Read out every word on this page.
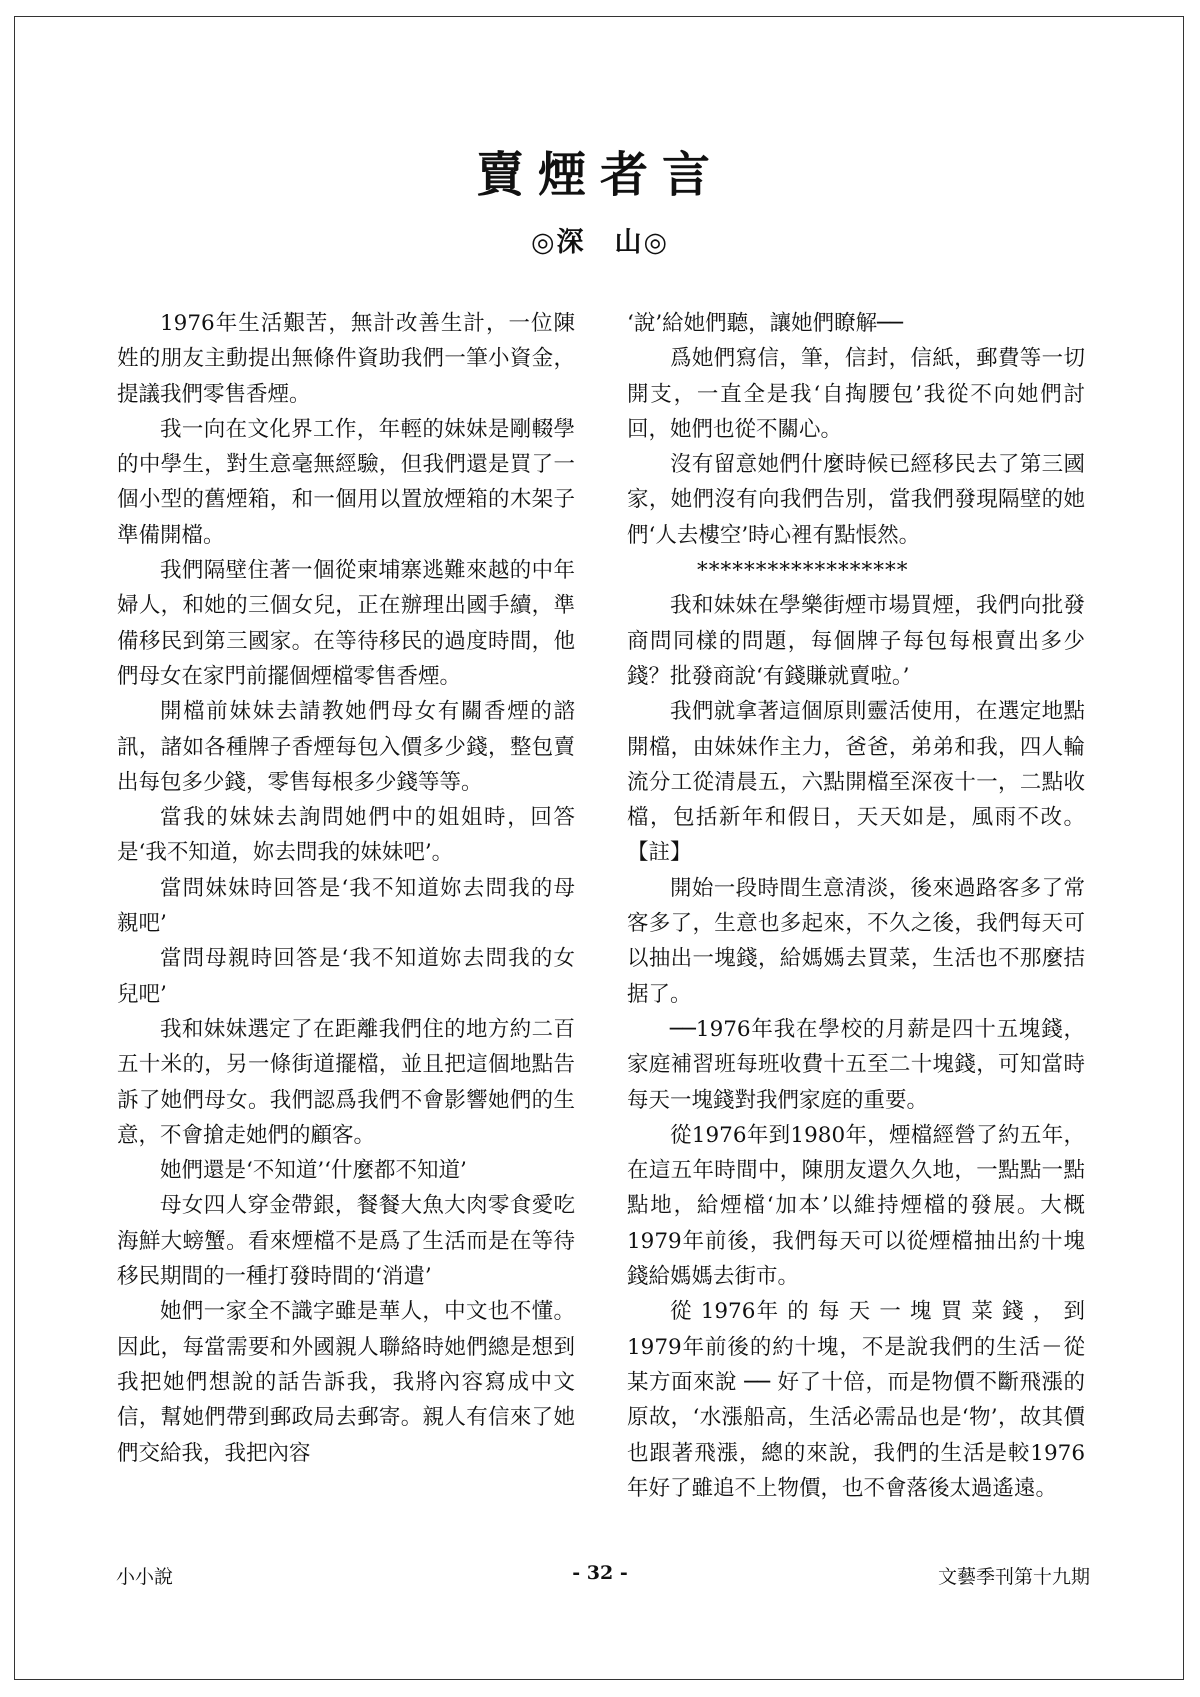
賣煙者言
◎深　山◎

1976年生活艱苦，無計改善生計，一位陳姓的朋友主動提出無條件資助我們一筆小資金，提議我們零售香煙。

我一向在文化界工作，年輕的妹妹是剛輟學的中學生，對生意毫無經驗，但我們還是買了一個小型的舊煙箱，和一個用以置放煙箱的木架子準備開檔。

我們隔壁住著一個從柬埔寨逃難來越的中年婦人，和她的三個女兒，正在辦理出國手續，準備移民到第三國家。在等待移民的過度時間，他們母女在家門前擺個煙檔零售香煙。

開檔前妹妹去請教她們母女有關香煙的諮訊，諸如各種牌子香煙每包入價多少錢，整包賣出每包多少錢，零售每根多少錢等等。

當我的妹妹去詢問她們中的姐姐時，回答是‘我不知道，妳去問我的妹妹吧’。

當問妹妹時回答是‘我不知道妳去問我的母親吧’

當問母親時回答是‘我不知道妳去問我的女兒吧’

我和妹妹選定了在距離我們住的地方約二百五十米的，另一條街道擺檔，並且把這個地點告訴了她們母女。我們認爲我們不會影響她們的生意，不會搶走她們的顧客。

她們還是‘不知道’‘什麼都不知道’

母女四人穿金帶銀，餐餐大魚大肉零食愛吃海鮮大螃蟹。看來煙檔不是爲了生活而是在等待移民期間的一種打發時間的‘消遣’

她們一家全不識字雖是華人，中文也不懂。因此，每當需要和外國親人聯絡時她們總是想到我把她們想說的話告訴我，我將內容寫成中文信，幫她們帶到郵政局去郵寄。親人有信來了她們交給我，我把內容

‘說’給她們聽，讓她們瞭解──

爲她們寫信，筆，信封，信紙，郵費等一切開支，一直全是我‘自掏腰包’我從不向她們討回，她們也從不關心。

沒有留意她們什麼時候已經移民去了第三國家，她們沒有向我們告別，當我們發現隔壁的她們‘人去樓空’時心裡有點悵然。

******************

我和妹妹在學樂街煙市場買煙，我們向批發商問同樣的問題，每個牌子每包每根賣出多少錢？批發商說‘有錢賺就賣啦。’

我們就拿著這個原則靈活使用，在選定地點開檔，由妹妹作主力，爸爸，弟弟和我，四人輪流分工從清晨五，六點開檔至深夜十一，二點收檔，包括新年和假日，天天如是，風雨不改。【註】

開始一段時間生意清淡，後來過路客多了常客多了，生意也多起來，不久之後，我們每天可以抽出一塊錢，給媽媽去買菜，生活也不那麼拮据了。

──1976年我在學校的月薪是四十五塊錢，家庭補習班每班收費十五至二十塊錢，可知當時每天一塊錢對我們家庭的重要。

從1976年到1980年，煙檔經營了約五年，在這五年時間中，陳朋友還久久地，一點點一點點地，給煙檔‘加本’以維持煙檔的發展。大概1979年前後，我們每天可以從煙檔抽出約十塊錢給媽媽去街市。

從 1976年 的 每 天 一 塊 買 菜 錢 ， 到1979年前後的約十塊，不是說我們的生活－從某方面來說 ── 好了十倍，而是物價不斷飛漲的原故，‘水漲船高，生活必需品也是‘物’，故其價也跟著飛漲，總的來說，我們的生活是較1976年好了雖追不上物價，也不會落後太過遙遠。

小小說	- 32 -	文藝季刊第十九期
